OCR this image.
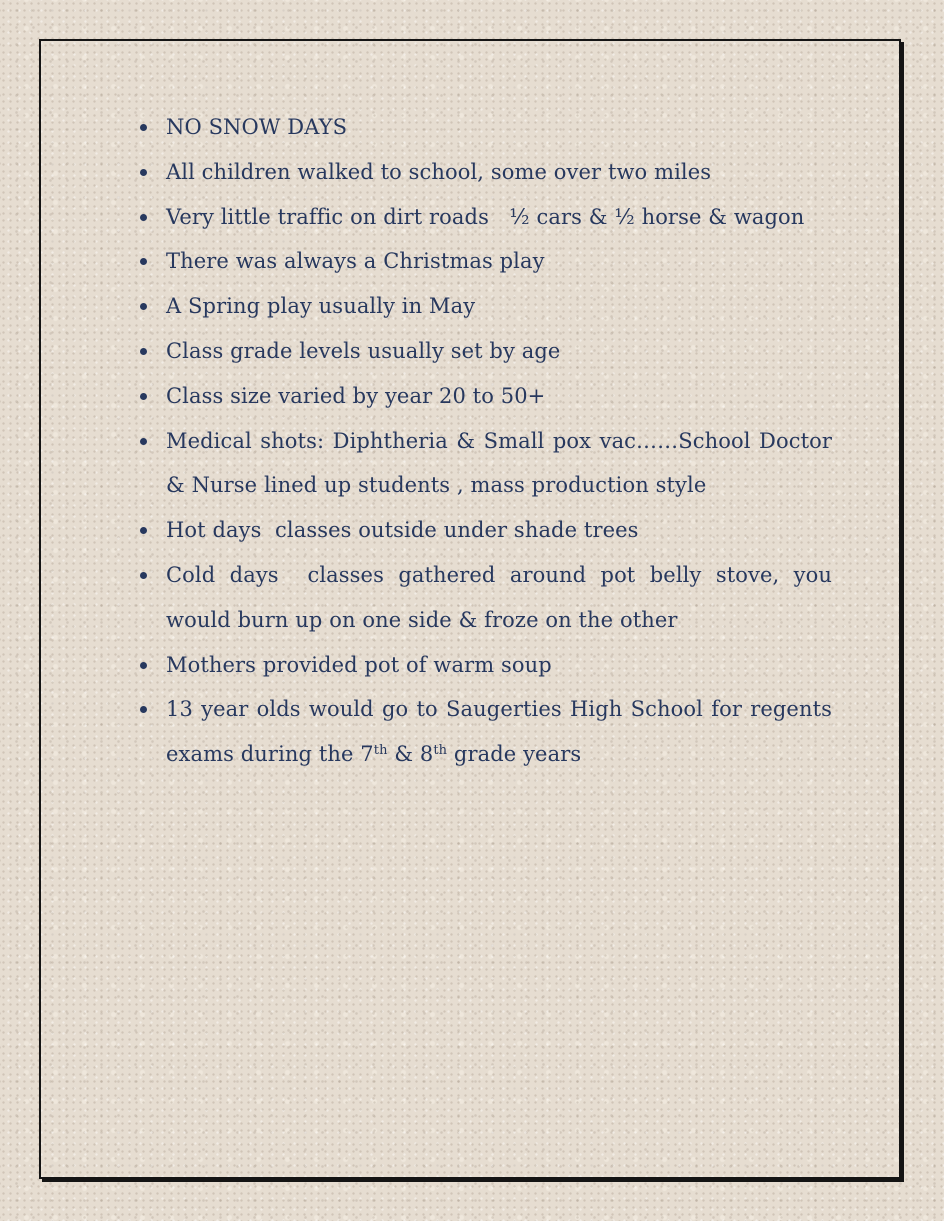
NO SNOW DAYS
All children walked to school, some over two miles
Very little traffic on dirt roads   ½ cars & ½ horse & wagon
There was always a Christmas play
A Spring play usually in May
Class grade levels usually set by age
Class size varied by year 20 to 50+
Medical shots: Diphtheria & Small pox vac……School Doctor & Nurse lined up students , mass production style
Hot days  classes outside under shade trees
Cold days  classes gathered around pot belly stove, you would burn up on one side & froze on the other
Mothers provided pot of warm soup
13 year olds would go to Saugerties High School for regents exams during the 7th & 8th grade years
